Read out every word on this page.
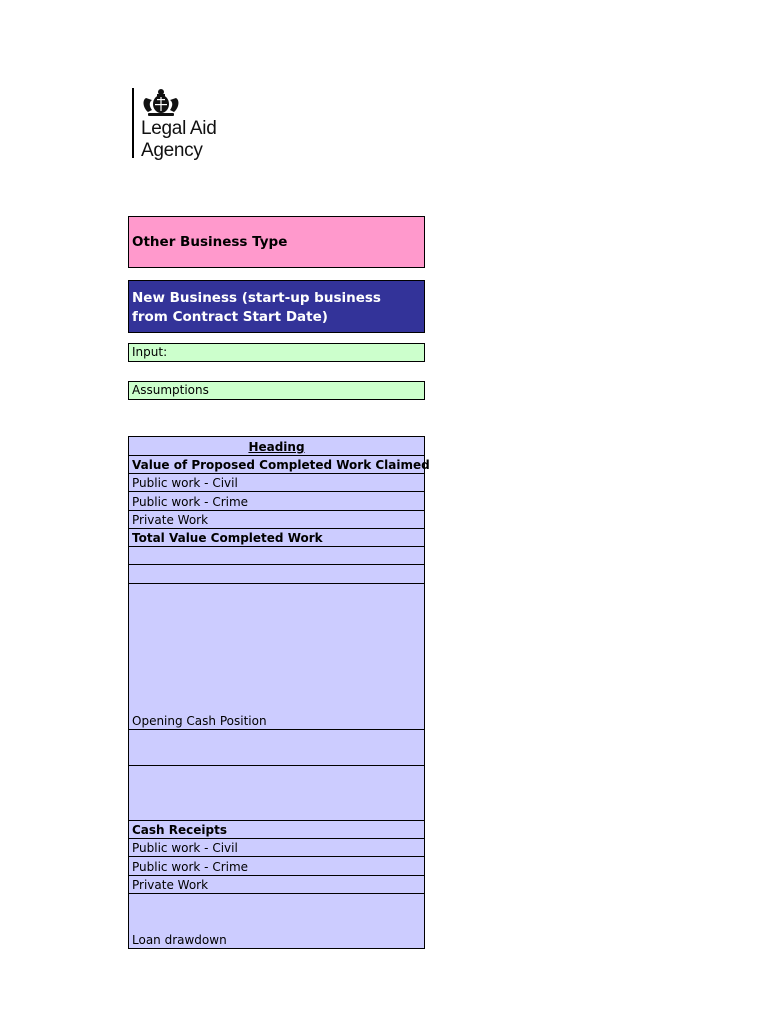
Legal Aid
Agency
Other Business Type
New Business (start-up business from Contract Start Date)
Input:
Assumptions
Heading
Value of Proposed Completed Work Claimed
Public work - Civil
Public work - Crime
Private Work
Total Value Completed Work
Opening Cash Position
Cash Receipts
Public work - Civil
Public work - Crime
Private Work
Loan drawdown
